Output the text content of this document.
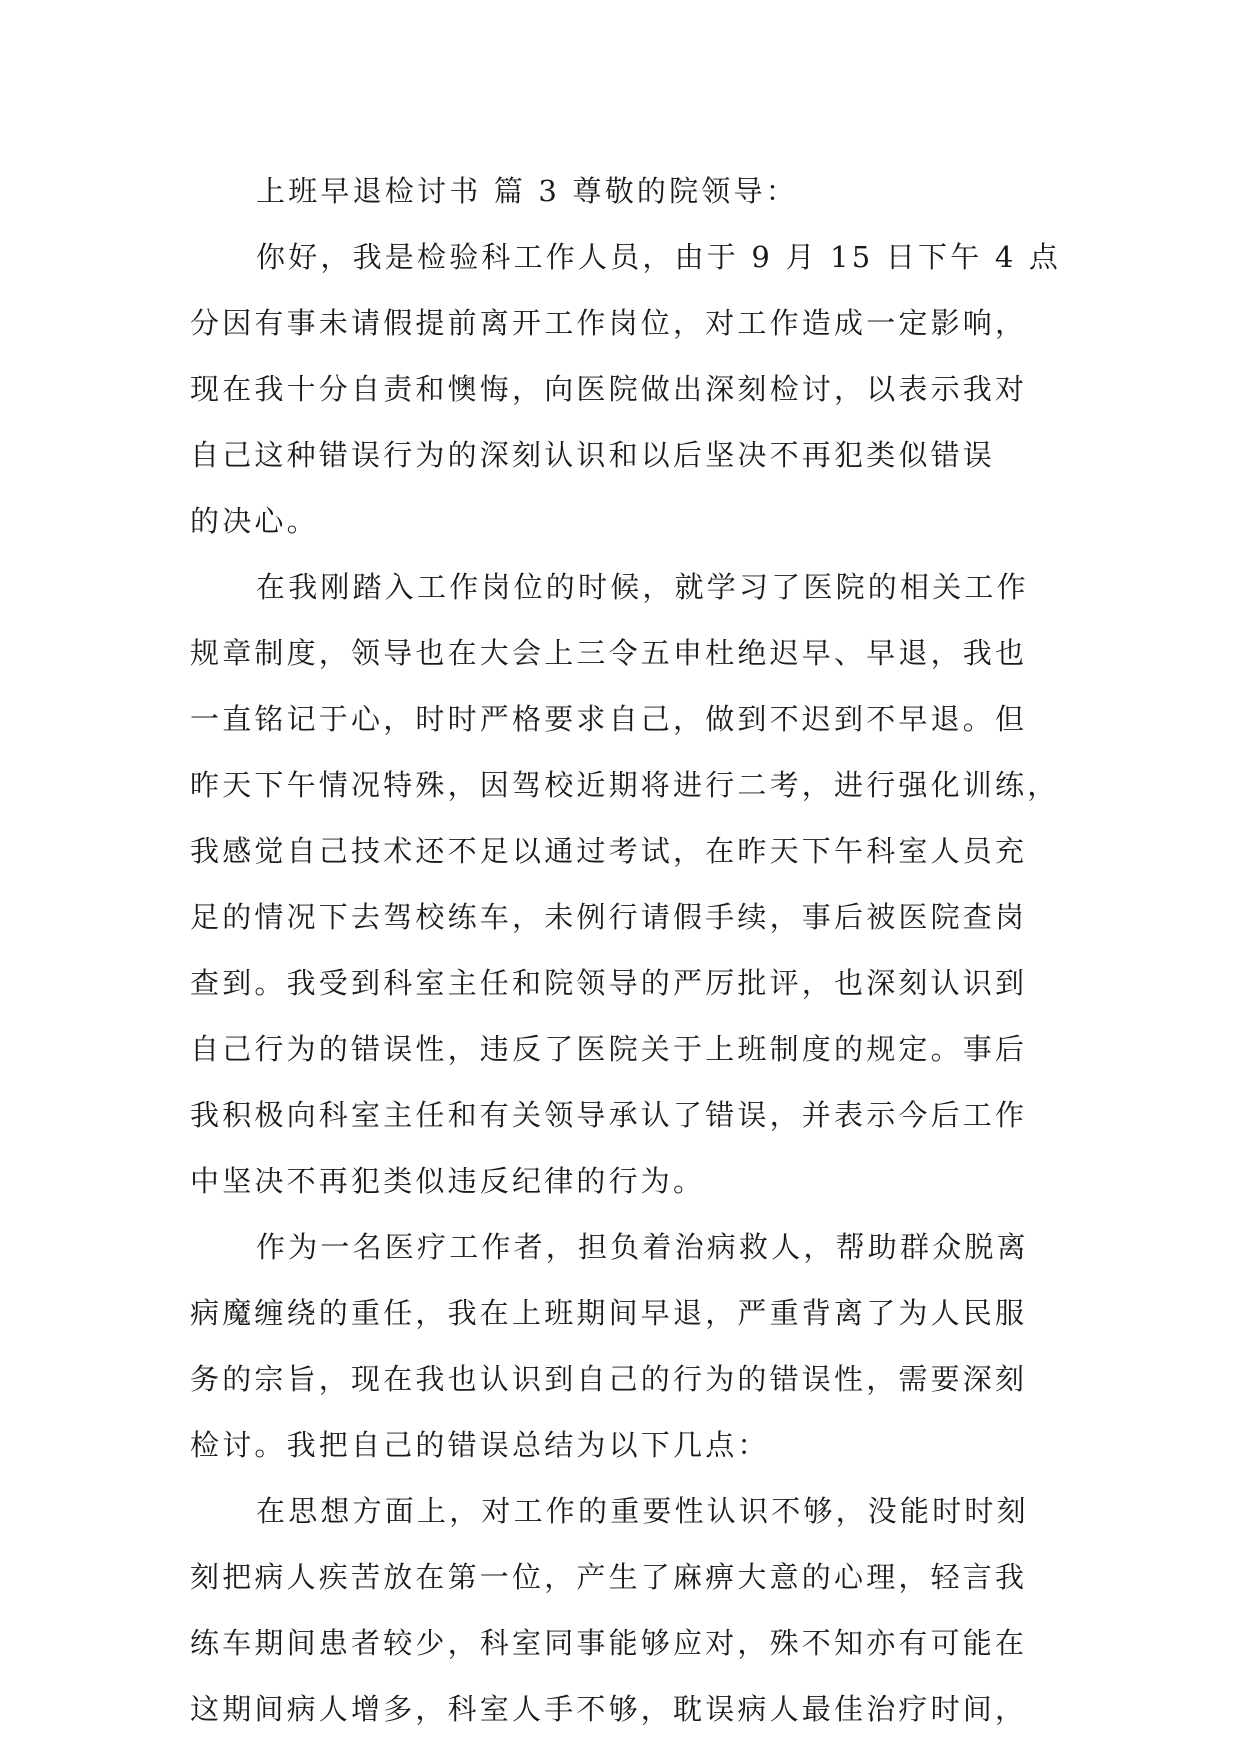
上班早退检讨书 篇 3 尊敬的院领导：
你好，我是检验科工作人员，由于 9 月 15 日下午 4 点
分因有事未请假提前离开工作岗位，对工作造成一定影响，
现在我十分自责和懊悔，向医院做出深刻检讨，以表示我对
自己这种错误行为的深刻认识和以后坚决不再犯类似错误
的决心。
在我刚踏入工作岗位的时候，就学习了医院的相关工作
规章制度，领导也在大会上三令五申杜绝迟早、早退，我也
一直铭记于心，时时严格要求自己，做到不迟到不早退。但
昨天下午情况特殊，因驾校近期将进行二考，进行强化训练，
我感觉自己技术还不足以通过考试，在昨天下午科室人员充
足的情况下去驾校练车，未例行请假手续，事后被医院查岗
查到。我受到科室主任和院领导的严厉批评，也深刻认识到
自己行为的错误性，违反了医院关于上班制度的规定。事后
我积极向科室主任和有关领导承认了错误，并表示今后工作
中坚决不再犯类似违反纪律的行为。
作为一名医疗工作者，担负着治病救人，帮助群众脱离
病魔缠绕的重任，我在上班期间早退，严重背离了为人民服
务的宗旨，现在我也认识到自己的行为的错误性，需要深刻
检讨。我把自己的错误总结为以下几点：
在思想方面上，对工作的重要性认识不够，没能时时刻
刻把病人疾苦放在第一位，产生了麻痹大意的心理，轻言我
练车期间患者较少，科室同事能够应对，殊不知亦有可能在
这期间病人增多，科室人手不够，耽误病人最佳治疗时间，
